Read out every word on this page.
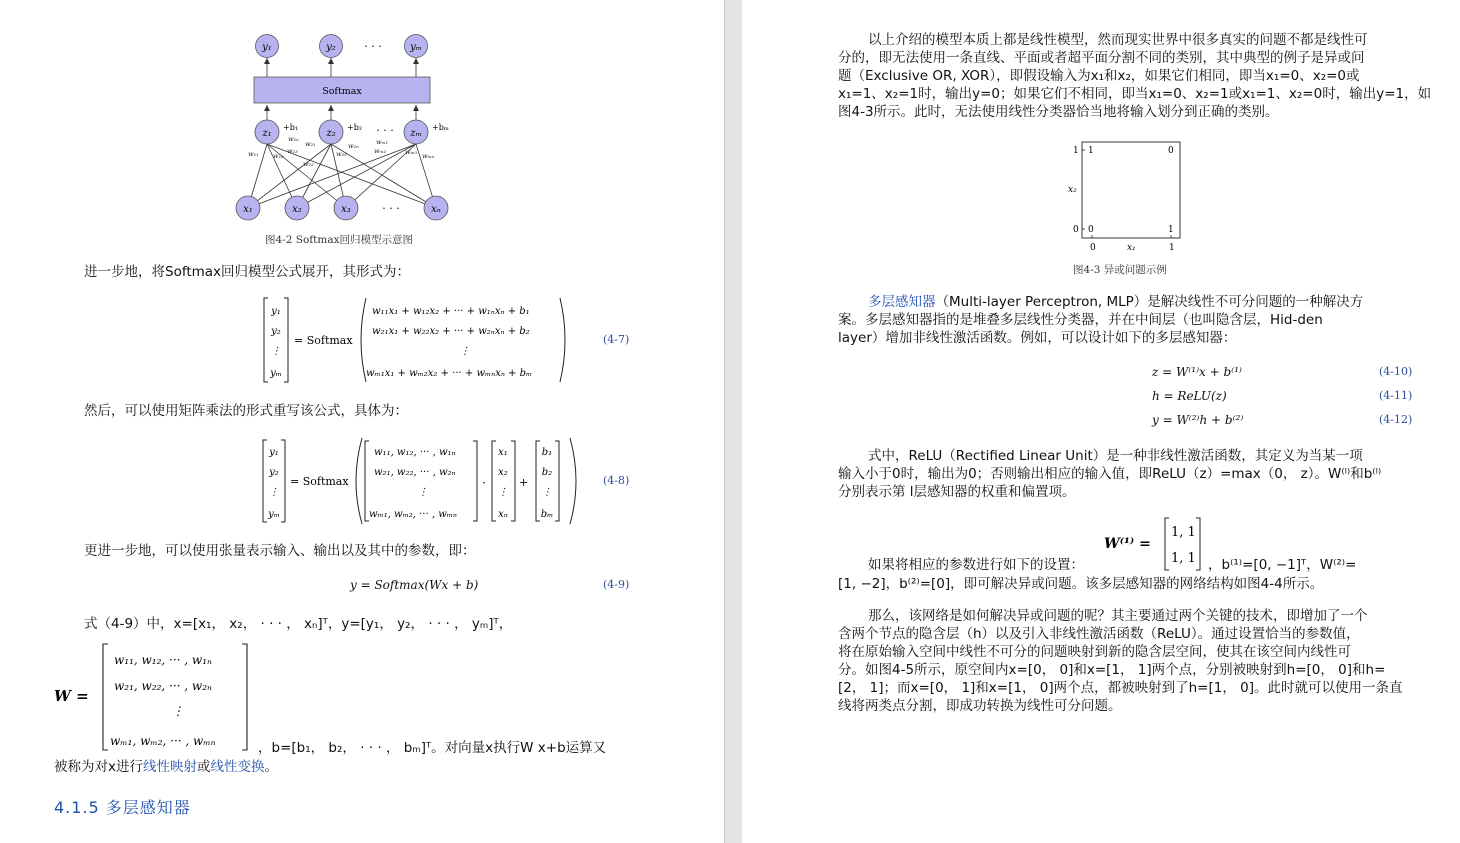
y₁	y₂	yₘ
· · ·
Softmax
z₁	z₂	zₘ
+b₁	+b₂	+bₘ
· · ·
w₁₁ w₁₂
w₁₃
w₁ₙ
w₂₁
w₂₂
w₂₃
w₂ₙ	wₘ₁
wₘ₂	wₘ₃ wₘₙ
x₁	x₂	x₃	xₙ
· · ·
图4-2 Softmax回归模型示意图
进一步地，将Softmax回归模型公式展开，其形式为：
y₁
y₂
⋮
yₘ
w₁₁x₁ + w₁₂x₂ + ··· + w₁ₙxₙ + b₁
w₂₁x₁ + w₂₂x₂ + ··· + w₂ₙxₙ + b₂
⋮
wₘ₁x₁ + wₘ₂x₂ + ··· + wₘₙxₙ + bₘ
= Softmax	(4-7)
然后，可以使用矩阵乘法的形式重写该公式，具体为：
y₁
y₂
⋮
yₘ
w₁₁, w₁₂, ··· , w₁ₙ
w₂₁, w₂₂, ··· , w₂ₙ
⋮
wₘ₁, wₘ₂, ··· , wₘₙ
x₁
x₂
⋮
xₙ
b₁
b₂
⋮
bₘ
= Softmax	·	+	(4-8)
更进一步地，可以使用张量表示输入、输出以及其中的参数，即：
y = Softmax(Wx + b)	(4-9)
式（4-9）中，x=[x₁， x₂， · · · ， xₙ]ᵀ，y=[y₁， y₂， · · · ， yₘ]ᵀ，
W =
w₁₁, w₁₂, ··· , w₁ₙ
w₂₁, w₂₂, ··· , w₂ₙ
⋮
wₘ₁, wₘ₂, ··· , wₘₙ	，b=[b₁， b₂， · · · ， bₘ]ᵀ。对向量x执行W x+b运算又
被称为对x进行线性映射或线性变换。
4.1.5 多层感知器
以上介绍的模型本质上都是线性模型，然而现实世界中很多真实的问题不都是线性可
分的，即无法使用一条直线、平面或者超平面分割不同的类别，其中典型的例子是异或问
题（Exclusive OR, XOR），即假设输入为x₁和x₂，如果它们相同，即当x₁=0、x₂=0或
x₁=1、x₂=1时，输出y=0；如果它们不相同，即当x₁=0、x₂=1或x₁=1、x₂=0时，输出y=1，如
图4-3所示。此时，无法使用线性分类器恰当地将输入划分到正确的类别。
1
0
0	1
x₁
x₂
1	0
0	1
图4-3 异或问题示例
多层感知器（Multi-layer Perceptron, MLP）是解决线性不可分问题的一种解决方
案。多层感知器指的是堆叠多层线性分类器，并在中间层（也叫隐含层，Hid-den
layer）增加非线性激活函数。例如，可以设计如下的多层感知器：
z = W⁽¹⁾x + b⁽¹⁾	(4-10)
h = ReLU(z)	(4-11)
y = W⁽²⁾h + b⁽²⁾	(4-12)
式中，ReLU（Rectified Linear Unit）是一种非线性激活函数，其定义为当某一项
输入小于0时，输出为0；否则输出相应的输入值，即ReLU（z）=max（0， z）。W⁽ˡ⁾和b⁽ˡ⁾
分别表示第 l层感知器的权重和偏置项。
W⁽¹⁾ =
1, 1
1, 1
如果将相应的参数进行如下的设置：	，b⁽¹⁾=[0, −1]ᵀ，W⁽²⁾=
[1, −2]，b⁽²⁾=[0]，即可解决异或问题。该多层感知器的网络结构如图4-4所示。
那么，该网络是如何解决异或问题的呢？其主要通过两个关键的技术，即增加了一个
含两个节点的隐含层（h）以及引入非线性激活函数（ReLU）。通过设置恰当的参数值，
将在原始输入空间中线性不可分的问题映射到新的隐含层空间，使其在该空间内线性可
分。如图4-5所示，原空间内x=[0， 0]和x=[1， 1]两个点，分别被映射到h=[0， 0]和h=
[2， 1]；而x=[0， 1]和x=[1， 0]两个点，都被映射到了h=[1， 0]。此时就可以使用一条直
线将两类点分割，即成功转换为线性可分问题。
